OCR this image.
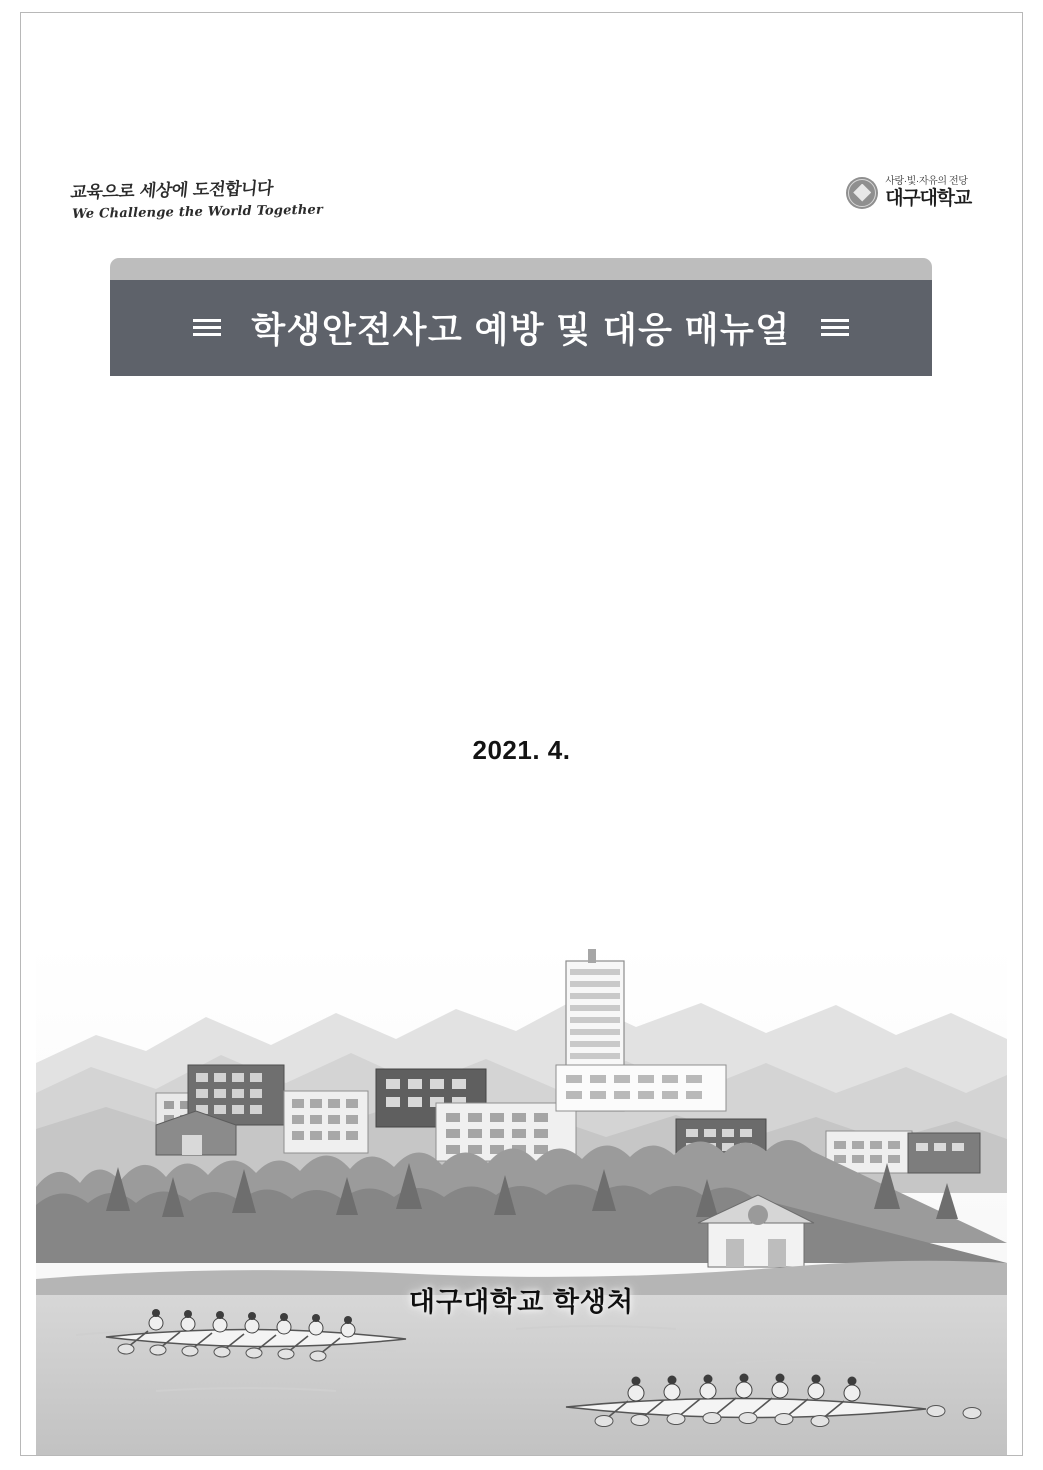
교육으로 세상에 도전합니다
We Challenge the World Together
사랑·빛·자유의 전당
대구대학교
학생안전사고 예방 및 대응 매뉴얼
2021. 4.
대구대학교 학생처
